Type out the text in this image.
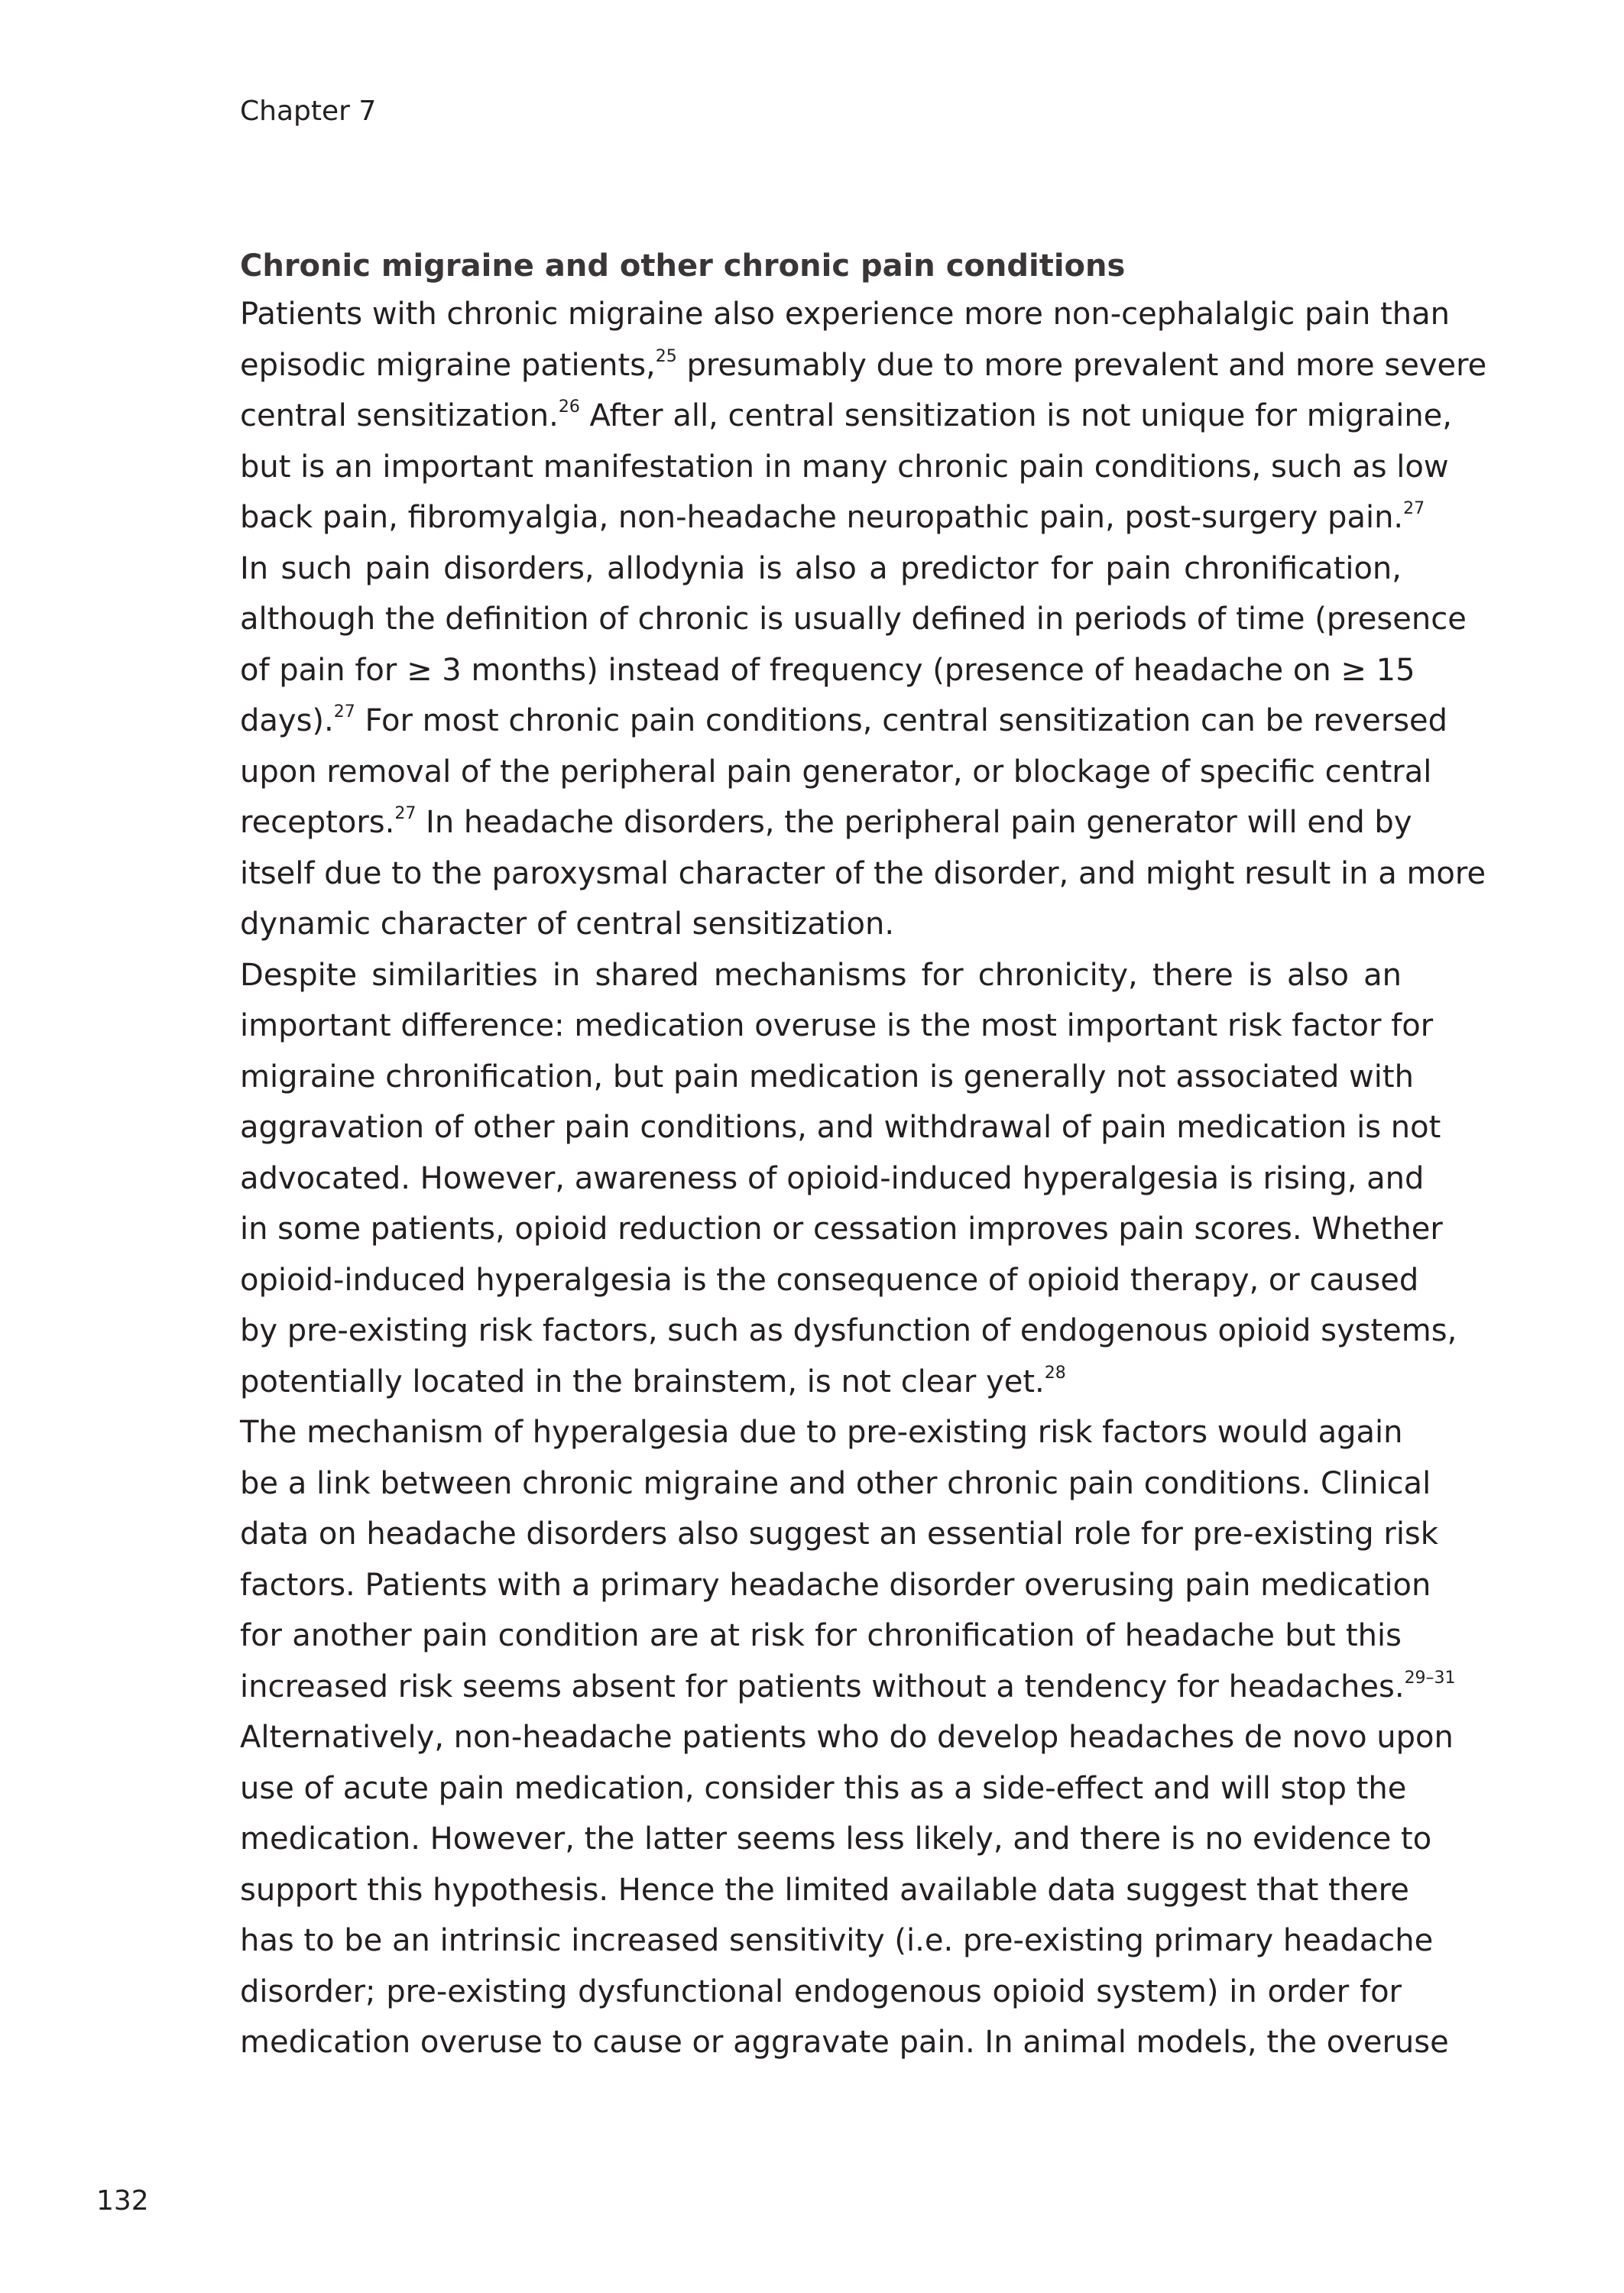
Chapter 7
Chronic migraine and other chronic pain conditions

Patients with chronic migraine also experience more non-cephalalgic pain than
episodic migraine patients,$^{25}$ presumably due to more prevalent and more severe
central sensitization.$^{26}$ After all, central sensitization is not unique for migraine,
but is an important manifestation in many chronic pain conditions, such as low
back pain, fibromyalgia, non-headache neuropathic pain, post-surgery pain.$^{27}$
In such pain disorders, allodynia is also a predictor for pain chronification,
although the definition of chronic is usually defined in periods of time (presence
of pain for ≥ 3 months) instead of frequency (presence of headache on ≥ 15
days).$^{27}$ For most chronic pain conditions, central sensitization can be reversed
upon removal of the peripheral pain generator, or blockage of specific central
receptors.$^{27}$ In headache disorders, the peripheral pain generator will end by
itself due to the paroxysmal character of the disorder, and might result in a more
dynamic character of central sensitization.

Despite similarities in shared mechanisms for chronicity, there is also an
important difference: medication overuse is the most important risk factor for
migraine chronification, but pain medication is generally not associated with
aggravation of other pain conditions, and withdrawal of pain medication is not
advocated. However, awareness of opioid-induced hyperalgesia is rising, and
in some patients, opioid reduction or cessation improves pain scores. Whether
opioid-induced hyperalgesia is the consequence of opioid therapy, or caused
by pre-existing risk factors, such as dysfunction of endogenous opioid systems,
potentially located in the brainstem, is not clear yet.$^{28}$

The mechanism of hyperalgesia due to pre-existing risk factors would again
be a link between chronic migraine and other chronic pain conditions. Clinical
data on headache disorders also suggest an essential role for pre-existing risk
factors. Patients with a primary headache disorder overusing pain medication
for another pain condition are at risk for chronification of headache but this
increased risk seems absent for patients without a tendency for headaches.$^{29-31}$
Alternatively, non-headache patients who do develop headaches de novo upon
use of acute pain medication, consider this as a side-effect and will stop the
medication. However, the latter seems less likely, and there is no evidence to
support this hypothesis. Hence the limited available data suggest that there
has to be an intrinsic increased sensitivity (i.e. pre-existing primary headache
disorder; pre-existing dysfunctional endogenous opioid system) in order for
medication overuse to cause or aggravate pain. In animal models, the overuse

132
